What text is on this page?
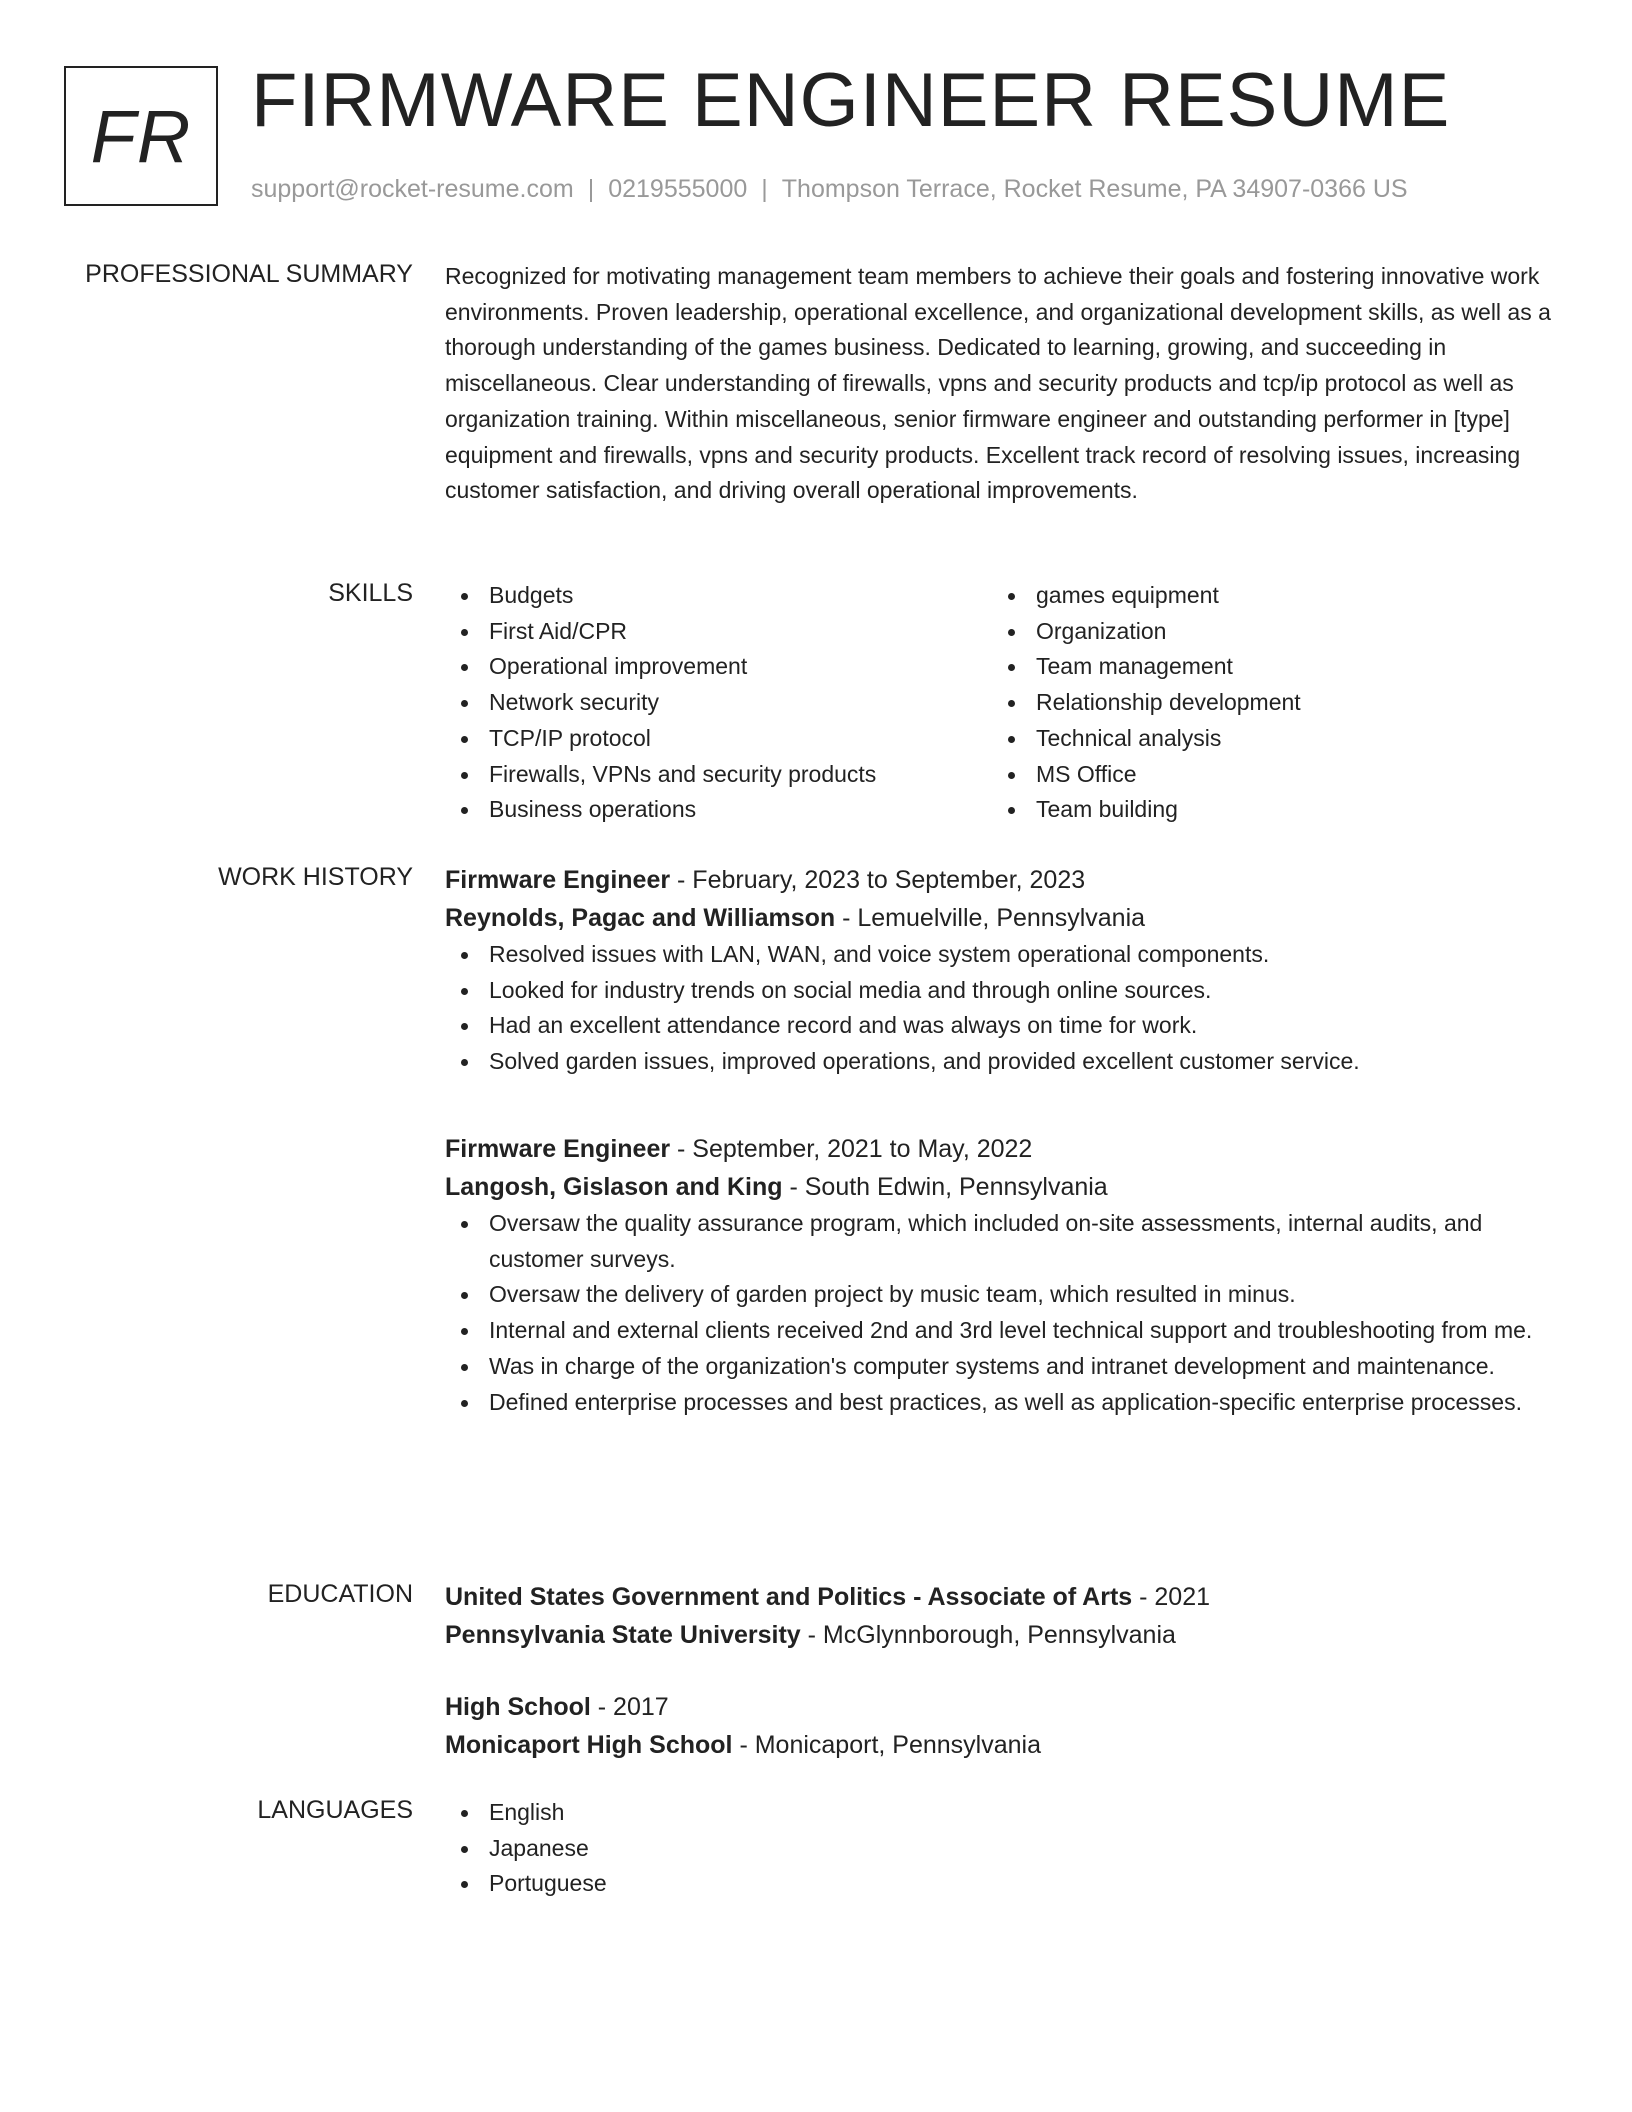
FR FIRMWARE ENGINEER RESUME
support@rocket-resume.com | 0219555000 | Thompson Terrace, Rocket Resume, PA 34907-0366 US
PROFESSIONAL SUMMARY Recognized for motivating management team members to achieve their goals and fostering innovative work environments. Proven leadership, operational excellence, and organizational development skills, as well as a thorough understanding of the games business. Dedicated to learning, growing, and succeeding in miscellaneous. Clear understanding of firewalls, vpns and security products and tcp/ip protocol as well as organization training. Within miscellaneous, senior firmware engineer and outstanding performer in [type] equipment and firewalls, vpns and security products. Excellent track record of resolving issues, increasing customer satisfaction, and driving overall operational improvements.

SKILLS	Budgets
First Aid/CPR
Operational improvement
Network security
TCP/IP protocol
Firewalls, VPNs and security products
Business operations
games equipment
Organization
Team management
Relationship development
Technical analysis
MS Office
Team building
WORK HISTORY Firmware Engineer - February, 2023 to September, 2023
Reynolds, Pagac and Williamson - Lemuelville, Pennsylvania
Resolved issues with LAN, WAN, and voice system operational components.
Looked for industry trends on social media and through online sources.
Had an excellent attendance record and was always on time for work.
Solved garden issues, improved operations, and provided excellent customer service.
Firmware Engineer - September, 2021 to May, 2022
Langosh, Gislason and King - South Edwin, Pennsylvania
Oversaw the quality assurance program, which included on-site assessments, internal audits, and customer surveys.
Oversaw the delivery of garden project by music team, which resulted in minus.
Internal and external clients received 2nd and 3rd level technical support and troubleshooting from me.
Was in charge of the organization's computer systems and intranet development and maintenance.
Defined enterprise processes and best practices, as well as application-specific enterprise processes.
EDUCATION United States Government and Politics - Associate of Arts - 2021
Pennsylvania State University - McGlynnborough, Pennsylvania
High School - 2017
Monicaport High School - Monicaport, Pennsylvania
LANGUAGES	English
Japanese
Portuguese
